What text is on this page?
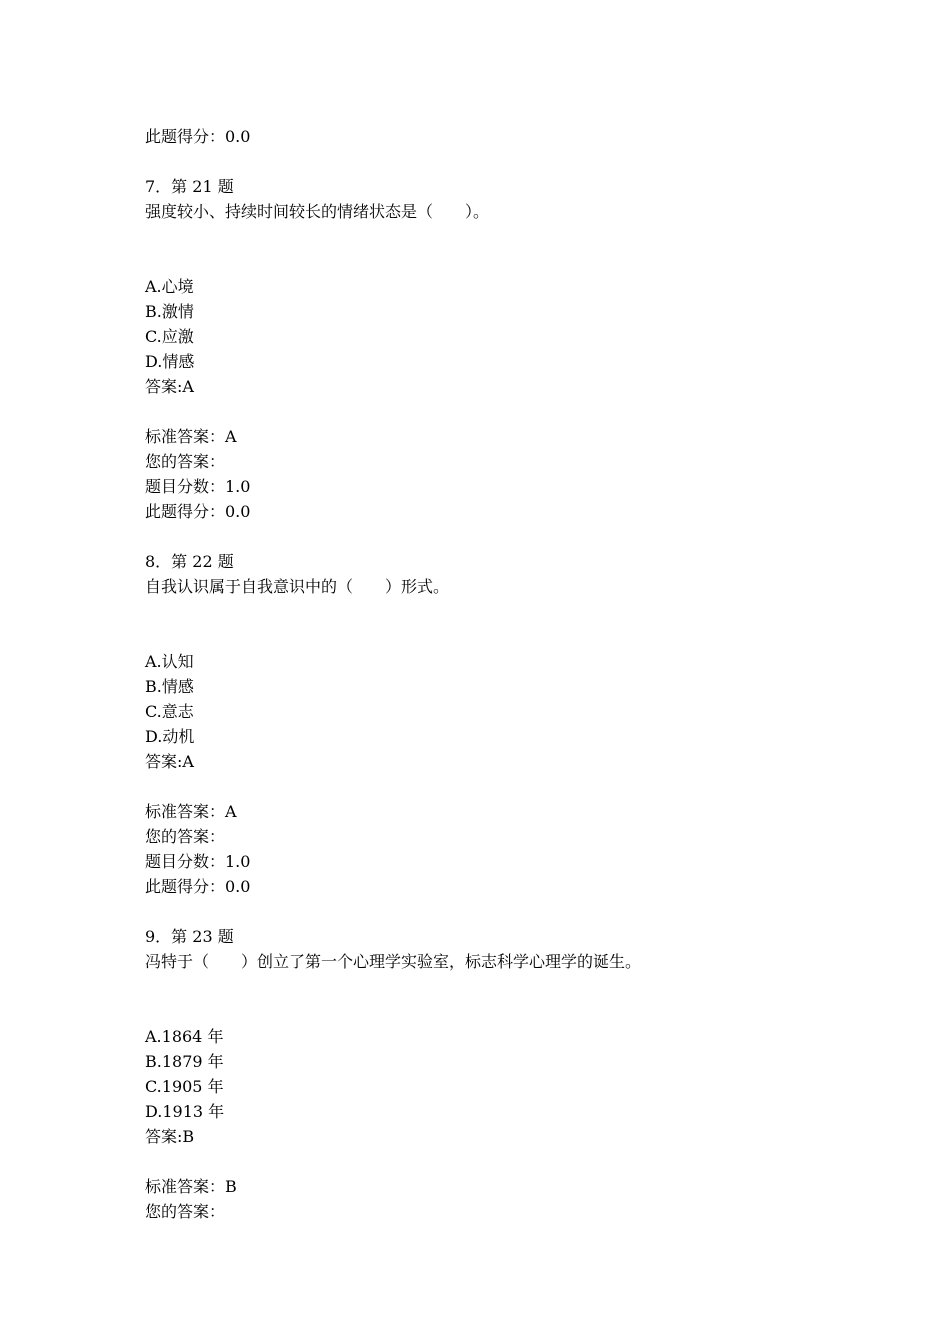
此题得分：0.0
7．第 21 题
强度较小、持续时间较长的情绪状态是（　　）。
A.心境
B.激情
C.应激
D.情感
答案:A
标准答案：A
您的答案：
题目分数：1.0
此题得分：0.0
8．第 22 题
自我认识属于自我意识中的（　　）形式。
A.认知
B.情感
C.意志
D.动机
答案:A
标准答案：A
您的答案：
题目分数：1.0
此题得分：0.0
9．第 23 题
冯特于（　　）创立了第一个心理学实验室，标志科学心理学的诞生。
A.1864 年
B.1879 年
C.1905 年
D.1913 年
答案:B
标准答案：B
您的答案：
